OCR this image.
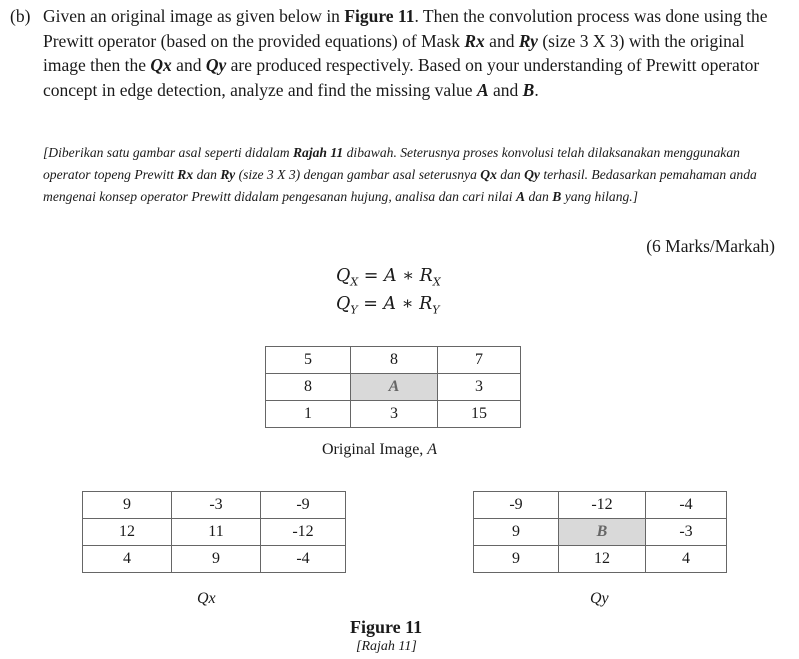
(b) Given an original image as given below in Figure 11. Then the convolution process was done using the Prewitt operator (based on the provided equations) of Mask Rx and Ry (size 3 X 3) with the original image then the Qx and Qy are produced respectively. Based on your understanding of Prewitt operator concept in edge detection, analyze and find the missing value A and B.
[Diberikan satu gambar asal seperti didalam Rajah 11 dibawah. Seterusnya proses konvolusi telah dilaksanakan menggunakan operator topeng Prewitt Rx dan Ry (size 3 X 3) dengan gambar asal seterusnya Qx dan Qy terhasil. Bedasarkan pemahaman anda mengenai konsep operator Prewitt didalam pengesanan hujung, analisa dan cari nilai A dan B yang hilang.]
(6 Marks/Markah)
$Q_X = A$ ∗ $R_X$
$Q_Y = A$ ∗ $R_Y$
5	8	7
8	A	3
1	3	15
Original Image, A
9	-3	-9
12	11	-12
4	9	-4
Qx
-9	-12	-4
9	B	-3
9	12	4
Qy
Figure 11
[Rajah 11]
